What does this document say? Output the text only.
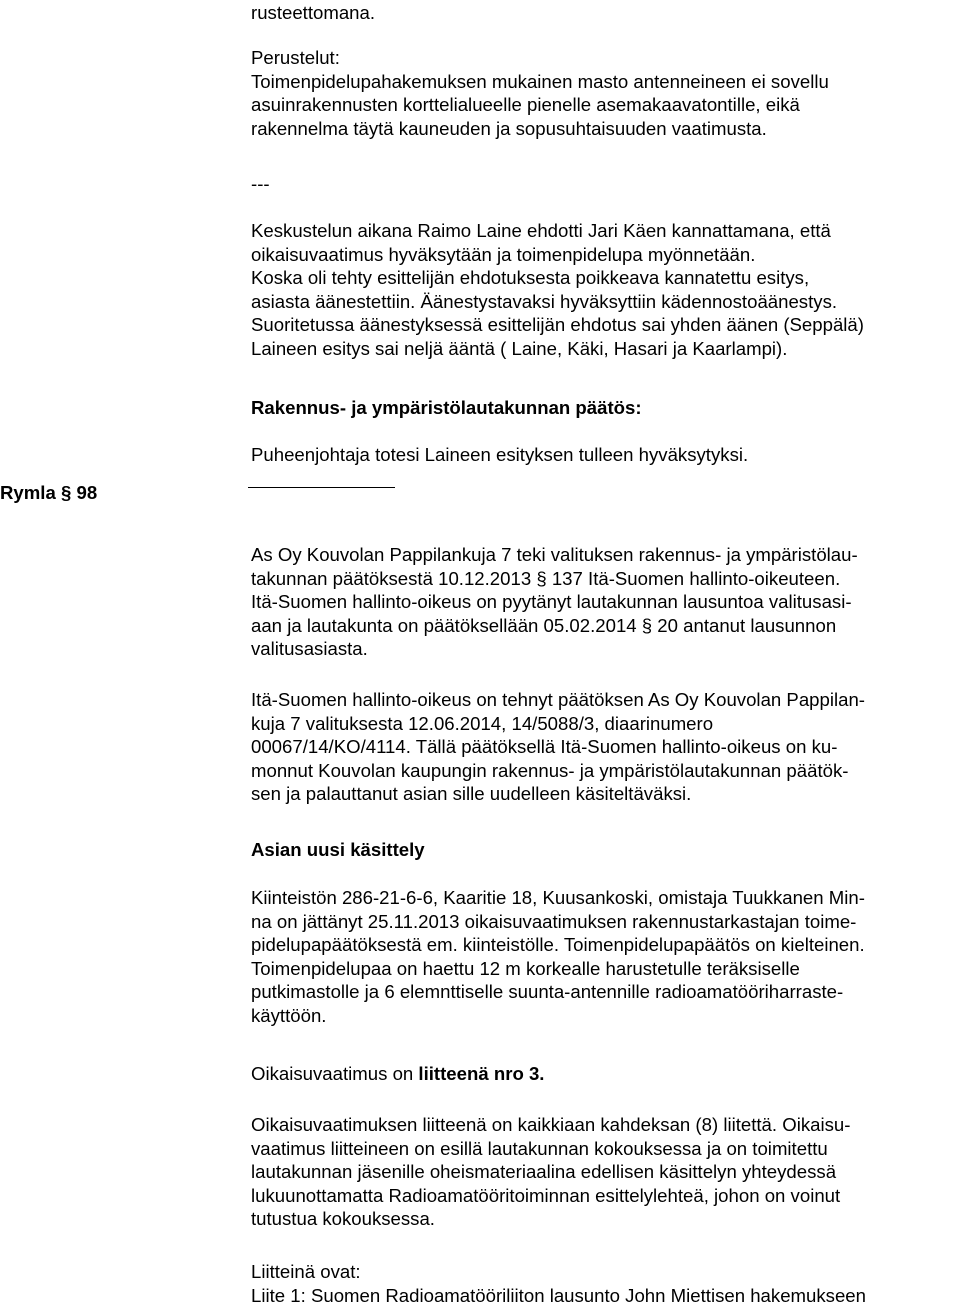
rusteettomana.
Perustelut:
Toimenpidelupahakemuksen mukainen masto antenneineen ei sovellu
asuinrakennusten korttelialueelle pienelle asemakaavatontille, eikä
rakennelma täytä kauneuden ja sopusuhtaisuuden vaatimusta.
---
Keskustelun aikana Raimo Laine ehdotti Jari Käen kannattamana, että
oikaisuvaatimus hyväksytään ja toimenpidelupa myönnetään.
Koska oli tehty esittelijän ehdotuksesta poikkeava kannatettu esitys,
asiasta äänestettiin. Äänestystavaksi hyväksyttiin kädennostoäänestys.
Suoritetussa äänestyksessä esittelijän ehdotus sai yhden äänen (Seppälä)
Laineen esitys sai neljä ääntä ( Laine, Käki, Hasari ja Kaarlampi).
Rakennus- ja ympäristölautakunnan päätös:
Puheenjohtaja totesi Laineen esityksen tulleen hyväksytyksi.
Rymla § 98
As Oy Kouvolan Pappilankuja 7 teki valituksen rakennus- ja ympäristölau-
takunnan päätöksestä 10.12.2013 § 137 Itä-Suomen hallinto-oikeuteen.
Itä-Suomen hallinto-oikeus on pyytänyt lautakunnan lausuntoa valitusasi-
aan ja lautakunta on päätöksellään 05.02.2014 § 20 antanut lausunnon
valitusasiasta.
Itä-Suomen hallinto-oikeus on tehnyt päätöksen As Oy Kouvolan Pappilan-
kuja 7 valituksesta 12.06.2014, 14/5088/3, diaarinumero
00067/14/KO/4114. Tällä päätöksellä Itä-Suomen hallinto-oikeus on ku-
monnut Kouvolan kaupungin rakennus- ja ympäristölautakunnan päätök-
sen ja palauttanut asian sille uudelleen käsiteltäväksi.
Asian uusi käsittely
Kiinteistön 286-21-6-6, Kaaritie 18, Kuusankoski, omistaja Tuukkanen Min-
na on jättänyt 25.11.2013 oikaisuvaatimuksen rakennustarkastajan toime-
pidelupapäätöksestä em. kiinteistölle. Toimenpidelupapäätös on kielteinen.
Toimenpidelupaa on haettu 12 m korkealle harustetulle teräksiselle
putkimastolle ja 6 elemnttiselle suunta-antennille radioamatööriharraste-
käyttöön.
Oikaisuvaatimus on liitteenä nro 3.
Oikaisuvaatimuksen liitteenä on kaikkiaan kahdeksan (8) liitettä. Oikaisu-
vaatimus liitteineen on esillä lautakunnan kokouksessa ja on toimitettu
lautakunnan jäsenille oheismateriaalina edellisen käsittelyn yhteydessä
lukuunottamatta Radioamatööritoiminnan esittelylehteä, johon on voinut
tutustua kokouksessa.
Liitteinä ovat:
Liite 1: Suomen Radioamatööriliiton lausunto John Miettisen hakemukseen
